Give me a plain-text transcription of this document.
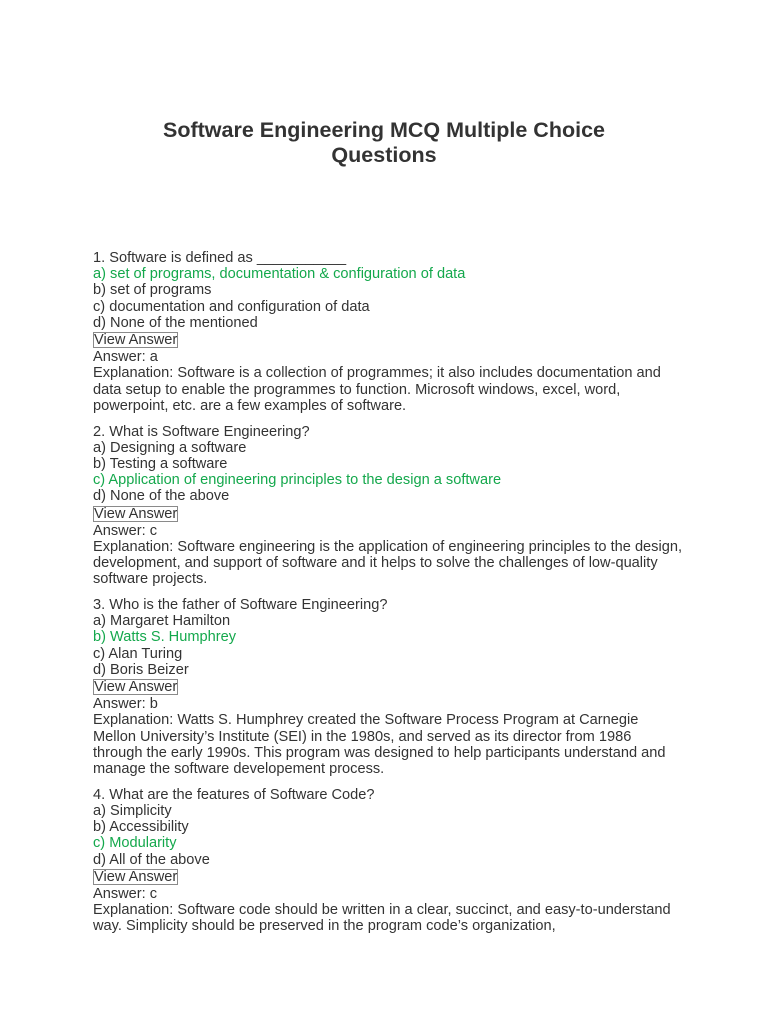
Software Engineering MCQ Multiple Choice
Questions
1. Software is defined as ___________
a) set of programs, documentation & configuration of data
b) set of programs
c) documentation and configuration of data
d) None of the mentioned
View Answer
Answer: a
Explanation: Software is a collection of programmes; it also includes documentation and data setup to enable the programmes to function. Microsoft windows, excel, word, powerpoint, etc. are a few examples of software.
2. What is Software Engineering?
a) Designing a software
b) Testing a software
c) Application of engineering principles to the design a software
d) None of the above
View Answer
Answer: c
Explanation: Software engineering is the application of engineering principles to the design, development, and support of software and it helps to solve the challenges of low-quality software projects.
3. Who is the father of Software Engineering?
a) Margaret Hamilton
b) Watts S. Humphrey
c) Alan Turing
d) Boris Beizer
View Answer
Answer: b
Explanation: Watts S. Humphrey created the Software Process Program at Carnegie Mellon University’s Institute (SEI) in the 1980s, and served as its director from 1986 through the early 1990s. This program was designed to help participants understand and manage the software developement process.
4. What are the features of Software Code?
a) Simplicity
b) Accessibility
c) Modularity
d) All of the above
View Answer
Answer: c
Explanation: Software code should be written in a clear, succinct, and easy-to-understand way. Simplicity should be preserved in the program code’s organization,
